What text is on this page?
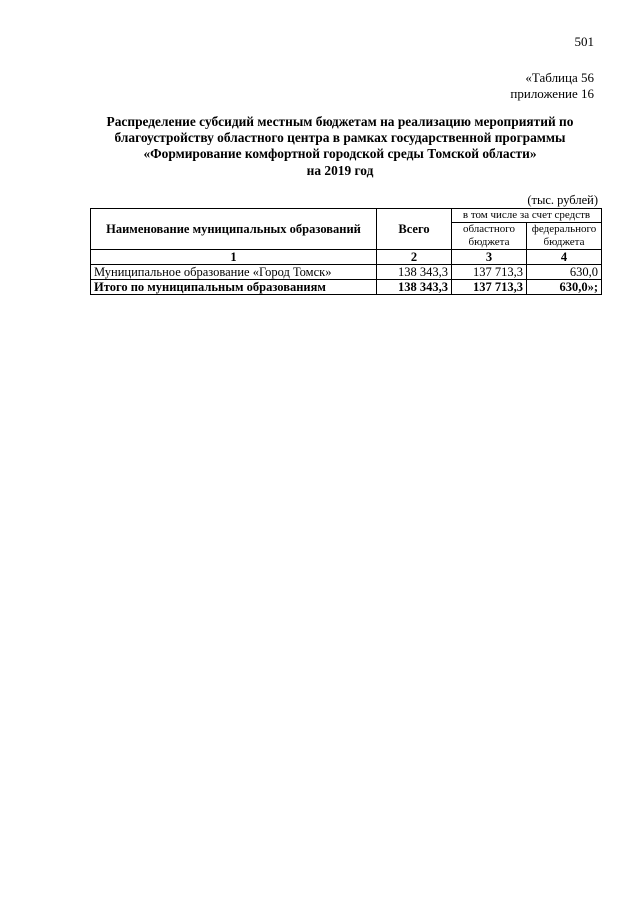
501
«Таблица 56
приложение 16
Распределение субсидий местным бюджетам на реализацию мероприятий по
благоустройству областного центра в рамках государственной программы
«Формирование комфортной городской среды Томской области»
на 2019 год
(тыс. рублей)
Наименование муниципальных образований	Всего	в том числе за счет средств	
		областного бюджета	федерального бюджета
1	2	3	4
Муниципальное образование «Город Томск»	138 343,3	137 713,3	630,0
Итого по муниципальным образованиям	138 343,3	137 713,3	630,0»;
